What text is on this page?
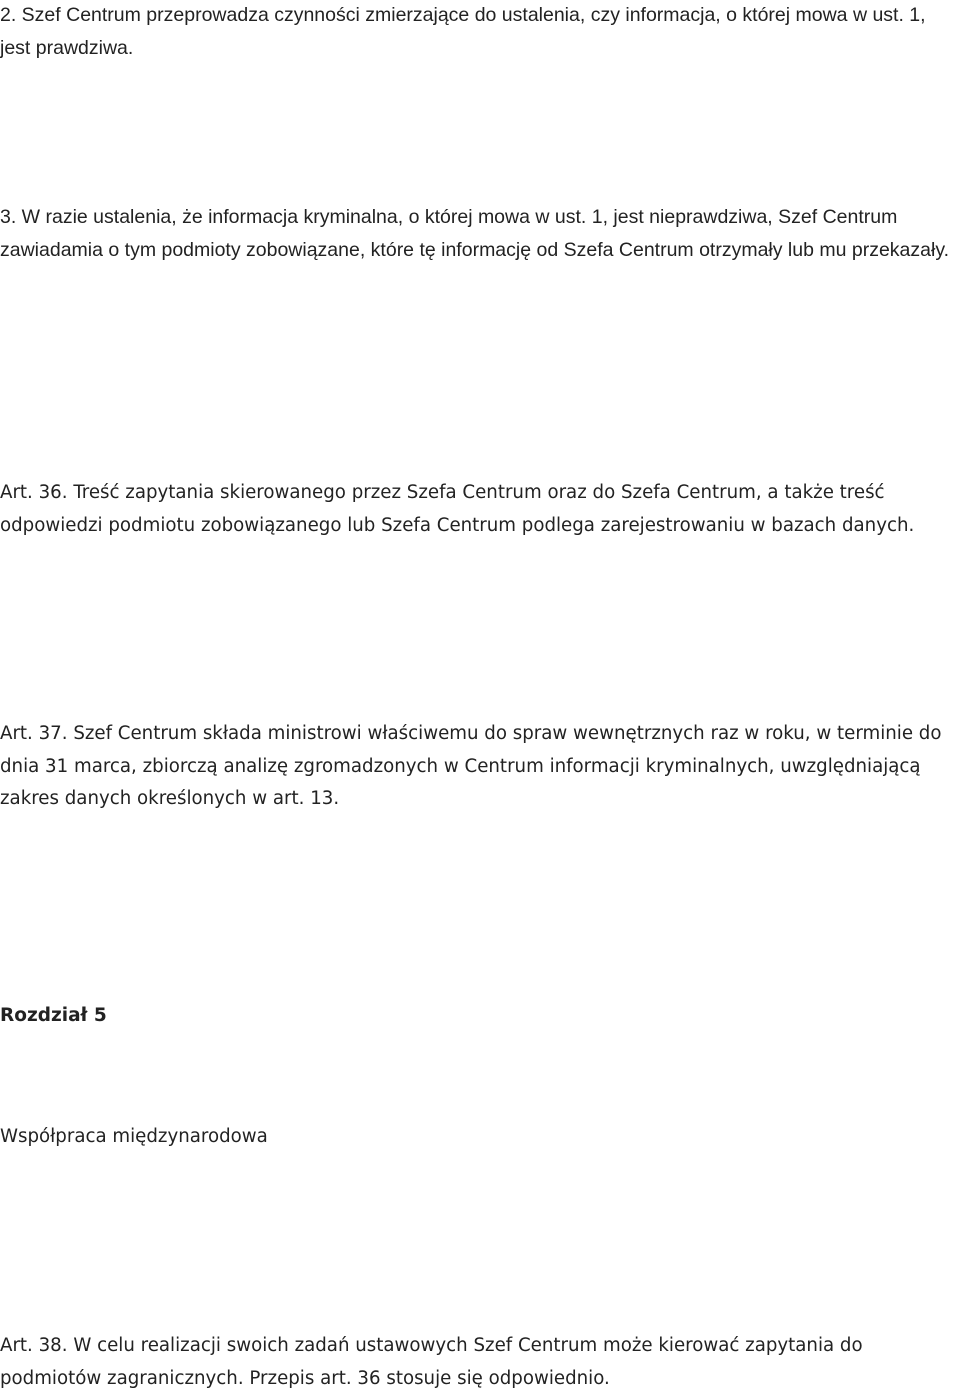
2. Szef Centrum przeprowadza czynności zmierzające do ustalenia, czy informacja, o której mowa w ust. 1, jest prawdziwa.

3. W razie ustalenia, że informacja kryminalna, o której mowa w ust. 1, jest nieprawdziwa, Szef Centrum zawiadamia o tym podmioty zobowiązane, które tę informację od Szefa Centrum otrzymały lub mu przekazały.

Art. 36. Treść zapytania skierowanego przez Szefa Centrum oraz do Szefa Centrum, a także treść odpowiedzi podmiotu zobowiązanego lub Szefa Centrum podlega zarejestrowaniu w bazach danych.

Art. 37. Szef Centrum składa ministrowi właściwemu do spraw wewnętrznych raz w roku, w terminie do dnia 31 marca, zbiorczą analizę zgromadzonych w Centrum informacji kryminalnych, uwzględniającą zakres danych określonych w art. 13.

Rozdział 5

Współpraca międzynarodowa

Art. 38. W celu realizacji swoich zadań ustawowych Szef Centrum może kierować zapytania do podmiotów zagranicznych. Przepis art. 36 stosuje się odpowiednio.
